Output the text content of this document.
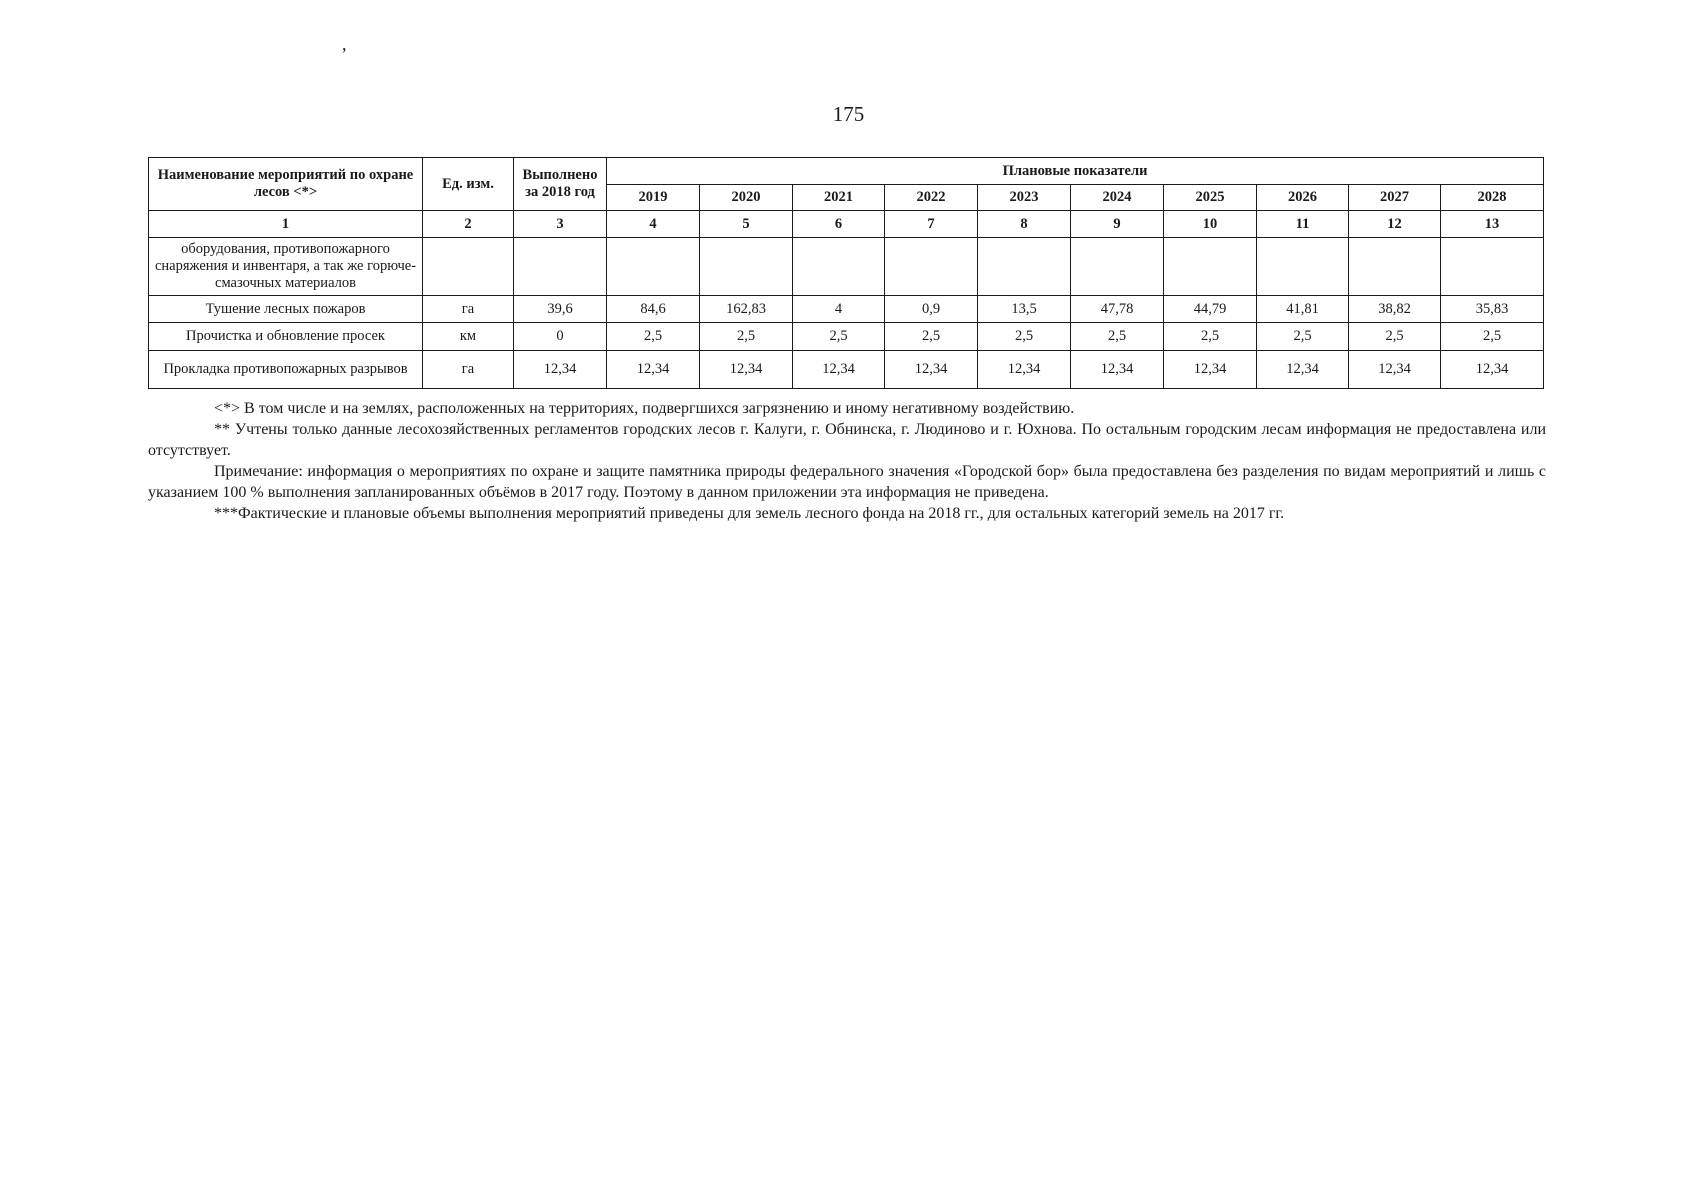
,
175
Наименование мероприятий по охране лесов <*>	Ед. изм.	Выполнено за 2018 год	Плановые показатели									
			2019	2020	2021	2022	2023	2024	2025	2026	2027	2028
1	2	3	4	5	6	7	8	9	10	11	12	13
оборудования, противопожарного снаряжения и инвентаря, а так же горюче-смазочных материалов												
Тушение лесных пожаров	га	39,6	84,6	162,83	4	0,9	13,5	47,78	44,79	41,81	38,82	35,83
Прочистка и обновление просек	км	0	2,5	2,5	2,5	2,5	2,5	2,5	2,5	2,5	2,5	2,5
Прокладка противопожарных разрывов	га	12,34	12,34	12,34	12,34	12,34	12,34	12,34	12,34	12,34	12,34	12,34

<*> В том числе и на землях, расположенных на территориях, подвергшихся загрязнению и иному негативному воздействию.

** Учтены только данные лесохозяйственных регламентов городских лесов г. Калуги, г. Обнинска, г. Людиново и г. Юхнова. По остальным городским лесам информация не предоставлена или отсутствует.

Примечание: информация о мероприятиях по охране и защите памятника природы федерального значения «Городской бор» была предоставлена без разделения по видам мероприятий и лишь с указанием 100 % выполнения запланированных объёмов в 2017 году. Поэтому в данном приложении эта информация не приведена.

***Фактические и плановые объемы выполнения мероприятий приведены для земель лесного фонда на 2018 гг., для остальных категорий земель на 2017 гг.
